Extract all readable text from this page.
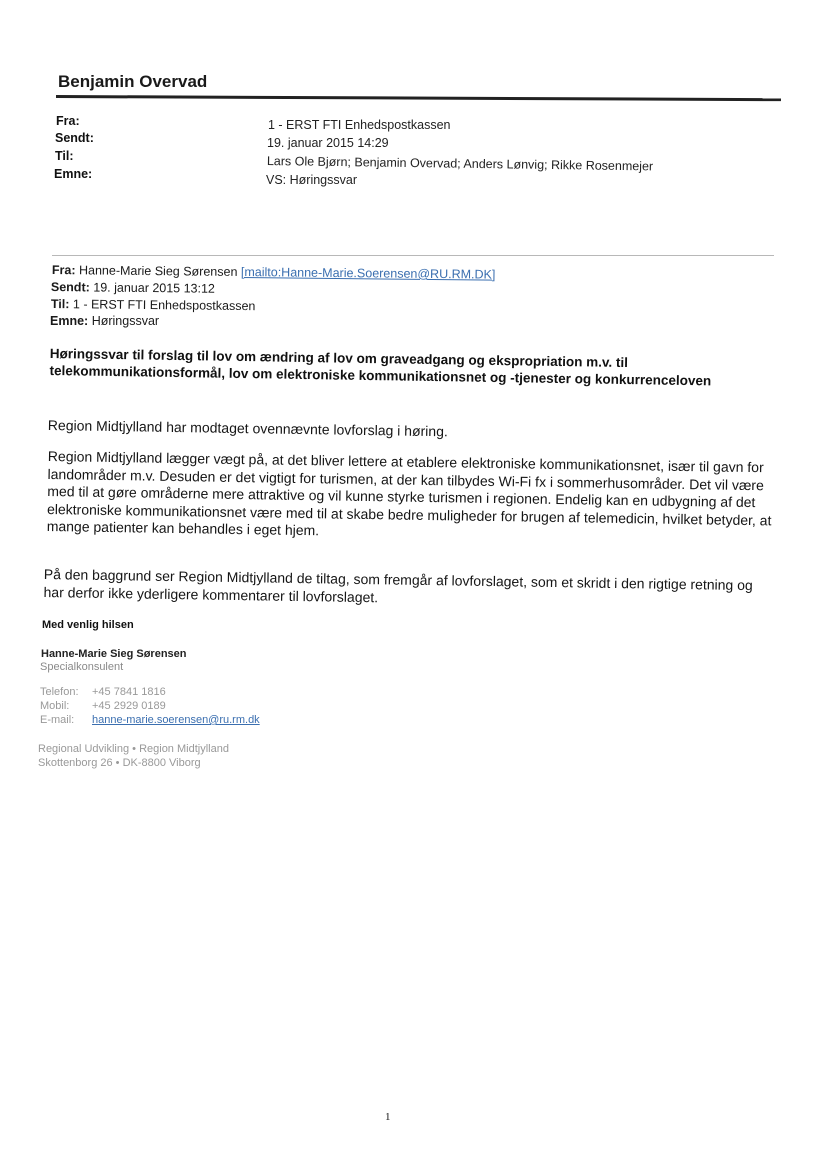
Benjamin Overvad
Fra:	1 - ERST FTI Enhedspostkassen
Sendt:	19. januar 2015 14:29
Til:	Lars Ole Bjørn; Benjamin Overvad; Anders Lønvig; Rikke Rosenmejer
Emne:	VS: Høringssvar
Fra: Hanne-Marie Sieg Sørensen [mailto:Hanne-Marie.Soerensen@RU.RM.DK]
Sendt: 19. januar 2015 13:12
Til: 1 - ERST FTI Enhedspostkassen
Emne: Høringssvar
Høringssvar til forslag til lov om ændring af lov om graveadgang og ekspropriation m.v. til telekommunikationsformål, lov om elektroniske kommunikationsnet og -tjenester og konkurrenceloven
Region Midtjylland har modtaget ovennævnte lovforslag i høring.
Region Midtjylland lægger vægt på, at det bliver lettere at etablere elektroniske kommunikationsnet, især til gavn for landområder m.v. Desuden er det vigtigt for turismen, at der kan tilbydes Wi-Fi fx i sommerhusområder. Det vil være med til at gøre områderne mere attraktive og vil kunne styrke turismen i regionen. Endelig kan en udbygning af det elektroniske kommunikationsnet være med til at skabe bedre muligheder for brugen af telemedicin, hvilket betyder, at mange patienter kan behandles i eget hjem.
På den baggrund ser Region Midtjylland de tiltag, som fremgår af lovforslaget, som et skridt i den rigtige retning og har derfor ikke yderligere kommentarer til lovforslaget.
Med venlig hilsen
Hanne-Marie Sieg Sørensen
Specialkonsulent
Telefon: +45 7841 1816
Mobil: +45 2929 0189
E-mail: hanne-marie.soerensen@ru.rm.dk
Regional Udvikling • Region Midtjylland
Skottenborg 26 • DK-8800 Viborg
1
